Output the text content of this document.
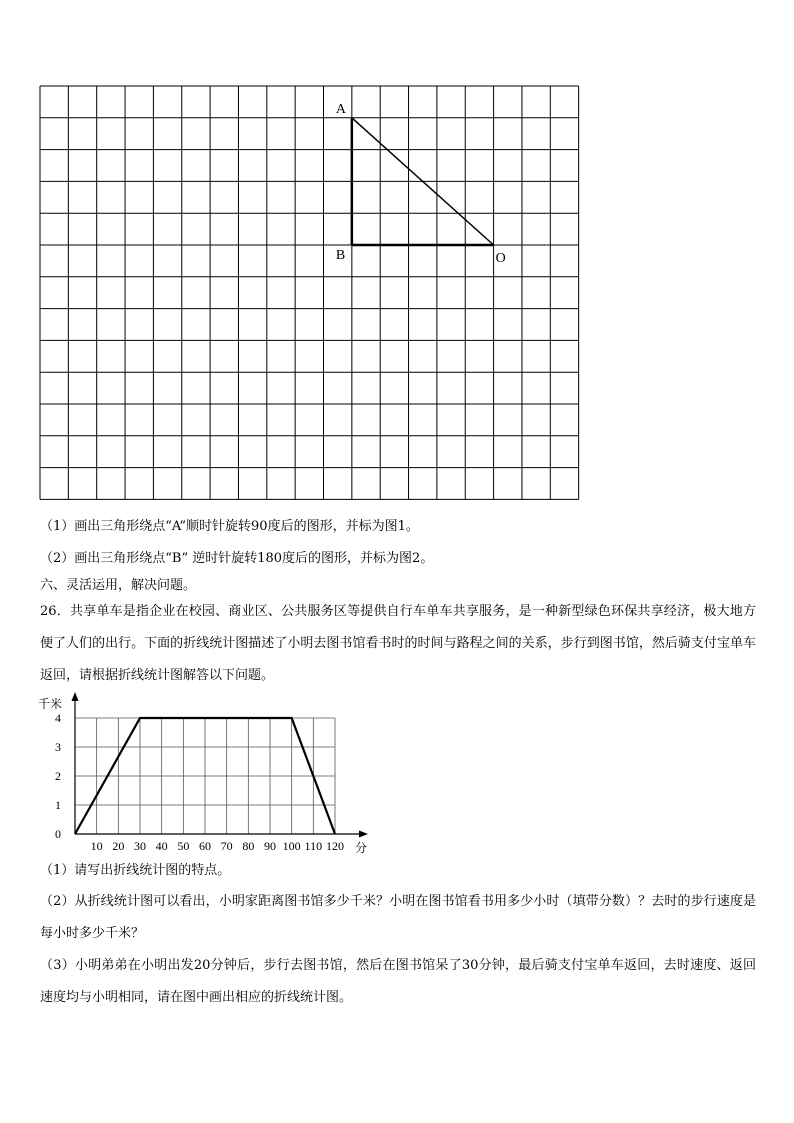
A
B	O
（1）画出三角形绕点“A”顺时针旋转90度后的图形，并标为图1。
（2）画出三角形绕点“B” 逆时针旋转180度后的图形，并标为图2。
六、灵活运用，解决问题。
26．共享单车是指企业在校园、商业区、公共服务区等提供自行车单车共享服务，是一种新型绿色环保共享经济，极大地方便了人们的出行。下面的折线统计图描述了小明去图书馆看书时的时间与路程之间的关系，步行到图书馆，然后骑支付宝单车返回，请根据折线统计图解答以下问题。
10 20 30 40 50 60 70 80 90 100 110 120
0
1
2
3
4
千米
分
（1）请写出折线统计图的特点。
（2）从折线统计图可以看出，小明家距离图书馆多少千米？小明在图书馆看书用多少小时（填带分数）？去时的步行速度是每小时多少千米？
（3）小明弟弟在小明出发20分钟后，步行去图书馆，然后在图书馆呆了30分钟，最后骑支付宝单车返回，去时速度、返回速度均与小明相同，请在图中画出相应的折线统计图。
